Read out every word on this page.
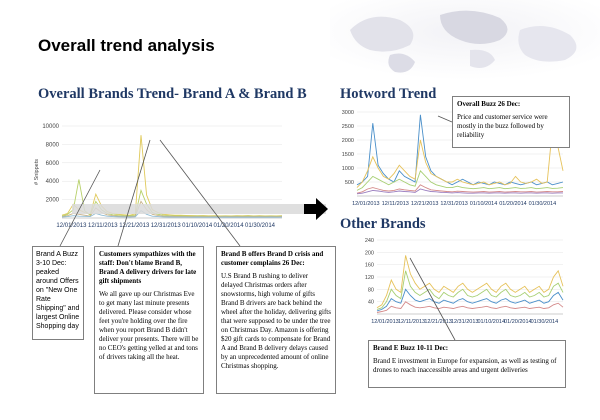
Overall trend analysis
Overall Brands Trend- Brand A & Brand B Hotword Trend
Other Brands
10000
8000
6000
4000
2000
12/01/2013 12/11/2013 12/21/2013 12/31/2013 01/10/2014 01/20/2014 01/30/2014
# Snippets
3000
2500
2000
1500
1000
500
12/01/2013 12/11/2013 12/21/2013 12/31/2013 01/10/2014 01/20/2014 01/30/2014
240
200
160
120
80
40
12/01/2013 12/11/2013 12/21/2013 12/31/2013 01/10/2014 01/20/2014 01/30/2014
Brand A Buzz 3-10 Dec: peaked around Offers on "New One Rate Shipping" and largest Online Shopping day
Customers sympathizes with the staff: Don't blame Brand B, Brand A delivery drivers for late gift shipments
We all gave up our Christmas Eve to get many last minute presents delivered. Please consider whose feet you're holding over the fire when you report Brand B didn't deliver your presents. There will be no CEO's getting yelled at and tons of drivers taking all the heat.
Brand B offers Brand D crisis and customer complains 26 Dec:
U.S Brand B rushing to deliver delayed Christmas orders after snowstorms, high volume of gifts Brand B drivers are back behind the wheel after the holiday, delivering gifts that were supposed to be under the tree on Christmas Day. Amazon is offering $20 gift cards to compensate for Brand A and Brand B delivery delays caused by an unprecedented amount of online Christmas shopping.
Overall Buzz 26 Dec:
Price and customer service were mostly in the buzz followed by reliability
Brand E Buzz 10-11 Dec:
Brand E investment in Europe for expansion, as well as testing of drones to reach inaccessible areas and urgent deliveries
